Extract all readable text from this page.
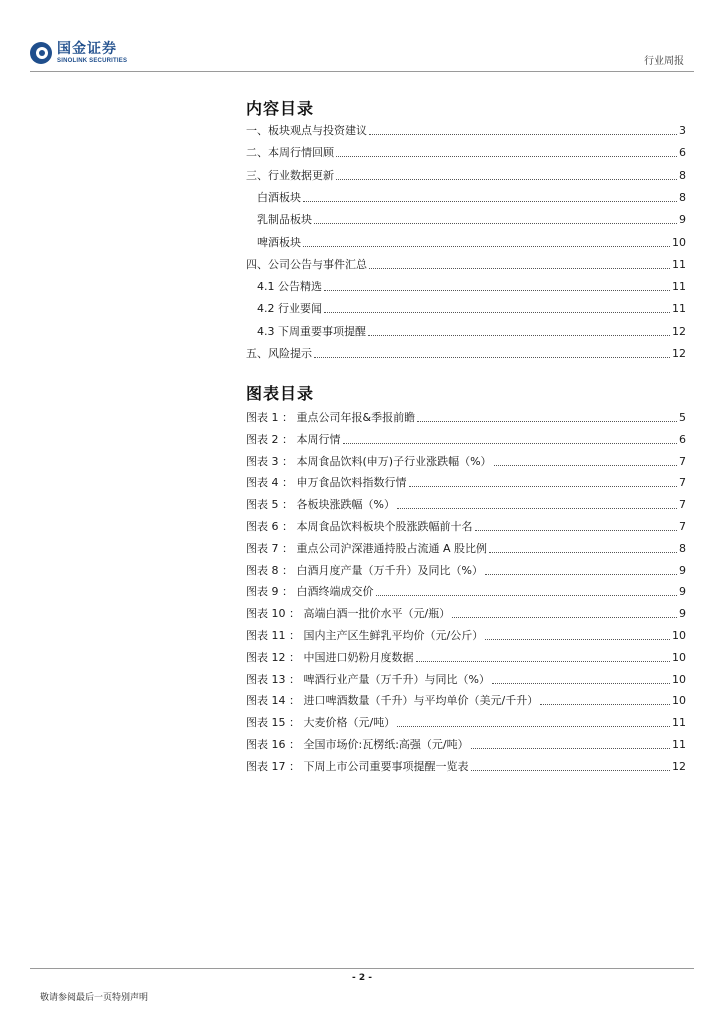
国金证券
SINOLINK SECURITIES	行业周报
内容目录
一、板块观点与投资建议	3
二、本周行情回顾	6
三、行业数据更新	8
白酒板块	8
乳制品板块	9
啤酒板块	10
四、公司公告与事件汇总	11
4.1 公告精选	11
4.2 行业要闻	11
4.3 下周重要事项提醒	12
五、风险提示	12
图表目录
图表 1 ： 重点公司年报&季报前瞻	5
图表 2 ： 本周行情	6
图表 3 ： 本周食品饮料(申万)子行业涨跌幅（%）	7
图表 4 ： 申万食品饮料指数行情	7
图表 5 ： 各板块涨跌幅（%）	7
图表 6 ： 本周食品饮料板块个股涨跌幅前十名	7
图表 7 ： 重点公司沪深港通持股占流通 A 股比例	8
图表 8 ： 白酒月度产量（万千升）及同比（%）	9
图表 9 ： 白酒终端成交价	9
图表 10 ： 高端白酒一批价水平（元/瓶）	9
图表 11 ： 国内主产区生鲜乳平均价（元/公斤）	10
图表 12 ： 中国进口奶粉月度数据	10
图表 13 ： 啤酒行业产量（万千升）与同比（%）	10
图表 14 ： 进口啤酒数量（千升）与平均单价（美元/千升）	10
图表 15 ： 大麦价格（元/吨）	11
图表 16 ： 全国市场价:瓦楞纸:高强（元/吨）	11
图表 17 ： 下周上市公司重要事项提醒一览表	12
- 2 -
敬请参阅最后一页特别声明
